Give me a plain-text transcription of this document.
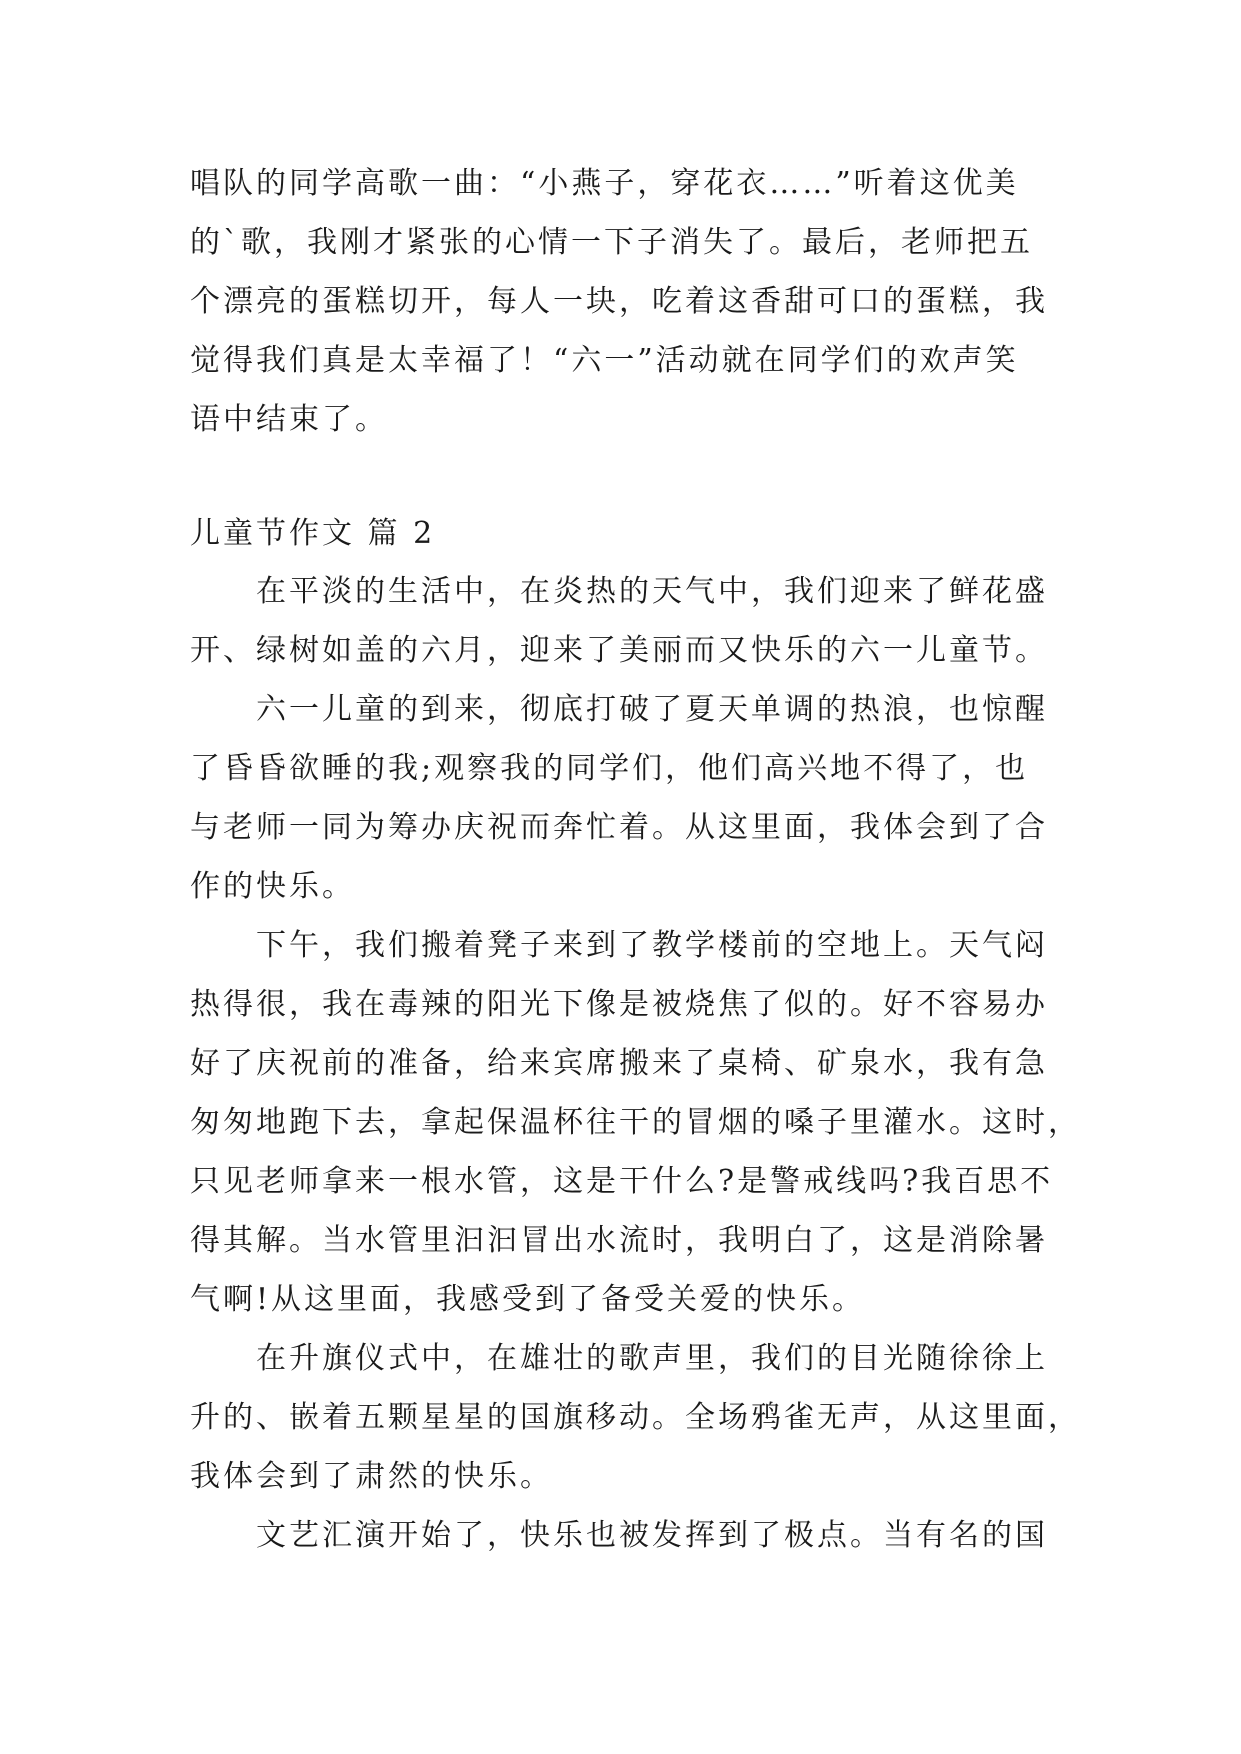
唱队的同学高歌一曲：“小燕子，穿花衣……”听着这优美
的`歌，我刚才紧张的心情一下子消失了。最后，老师把五
个漂亮的蛋糕切开，每人一块，吃着这香甜可口的蛋糕，我
觉得我们真是太幸福了！“六一”活动就在同学们的欢声笑
语中结束了。
儿童节作文 篇 2
在平淡的生活中，在炎热的天气中，我们迎来了鲜花盛
开、绿树如盖的六月，迎来了美丽而又快乐的六一儿童节。
六一儿童的到来，彻底打破了夏天单调的热浪，也惊醒
了昏昏欲睡的我;观察我的同学们，他们高兴地不得了，也
与老师一同为筹办庆祝而奔忙着。从这里面，我体会到了合
作的快乐。
下午，我们搬着凳子来到了教学楼前的空地上。天气闷
热得很，我在毒辣的阳光下像是被烧焦了似的。好不容易办
好了庆祝前的准备，给来宾席搬来了桌椅、矿泉水，我有急
匆匆地跑下去，拿起保温杯往干的冒烟的嗓子里灌水。这时，
只见老师拿来一根水管，这是干什么?是警戒线吗?我百思不
得其解。当水管里汩汩冒出水流时，我明白了，这是消除暑
气啊!从这里面，我感受到了备受关爱的快乐。
在升旗仪式中，在雄壮的歌声里，我们的目光随徐徐上
升的、嵌着五颗星星的国旗移动。全场鸦雀无声，从这里面，
我体会到了肃然的快乐。
文艺汇演开始了，快乐也被发挥到了极点。当有名的国
